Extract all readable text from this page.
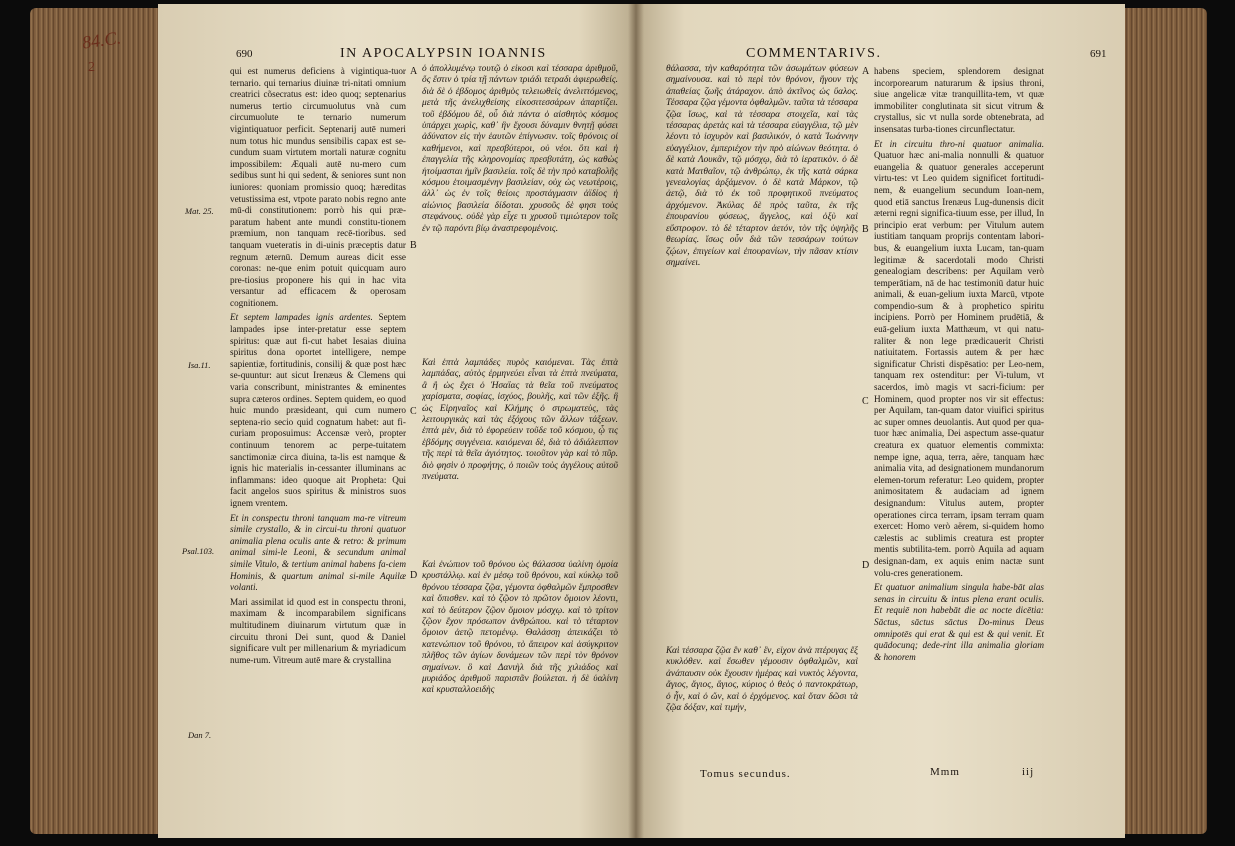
84.C.
2
690	IN APOCALYPSIN IOANNIS

qui est numerus deficiens à vigintiqua-tuor ternario. qui ternarius diuinæ tri-nitati omnium creatrici cõsecratus est: ideo quoq; septenarius numerus tertio circumuolutus vnà cum circumuolute te ternario numerum vigintiquatuor perficit. Septenarij autē numeri num totus hic mundus sensibilis capax est se-cundum suam virtutem mortali naturæ cognitu impossibilem: Æquali autē nu-mero cum sedibus sunt hi qui sedent, & seniores sunt non iuniores: quoniam promissio quoq; hæreditas vetustissima est, vtpote parato nobis regno ante mū-di constitutionem: porrò his qui præ-paratum habent ante mundi constitu-tionem præmium, non tanquam recē-tioribus. sed tanquam vueteratis in di-uinis præceptis datur regnum æternū. Demum aureas dicit esse coronas: ne-que enim potuit quicquam auro pre-tiosius proponere his qui in hac vita versantur ad efficacem & operosam cognitionem.

Et septem lampades ignis ardentes. Septem lampades ipse inter-pretatur esse septem spiritus: quæ aut fi-cut habet Iesaias diuina spiritus dona oportet intelligere, nempe sapientiæ, fortitudinis, consilij & quæ post hæc se-quuntur: aut sicut Irenæus & Clemens qui varia conscribunt, ministrantes & eminentes supra cæteros ordines. Septem quidem, eo quod huic mundo præsideant, qui cum numero septena-rio secio quid cognatum habet: aut fi-curiam proposuimus: Accensæ verò, propter continuum tenorem ac perpe-tuitatem sanctimoniæ circa diuina, ta-lis est namque & ignis hic materialis in-cessanter illuminans ac inflammans: ideo quoque ait Propheta: Qui facit angelos suos spiritus & ministros suos ignem vrentem.

Et in conspectu throni tanquam ma-re vitreum simile crystallo, & in circui-tu throni quatuor animalia plena oculis ante & retro: & primum animal simi-le Leoni, & secundum animal simile Vitulo, & tertium animal habens fa-ciem Hominis, & quartum animal si-mile Aquilæ volanti.

Mari assimilat id quod est in conspectu throni, maximam & incomparabilem significans multitudinem diuinarum virtutum quæ in circuitu throni Dei sunt, quod & Daniel significare vult per millenarium & myriadicum nume-rum. Vitreum autē mare & crystallina

Mat. 25.
Isa.11.
Psal.103.
Dan 7.
A
B
C
D
ὁ ἀπολλυμένῳ τουτῷ ὁ εἰκοσι καὶ τέσσαρα ἀριθμοῦ, ὅς ἔστιν ὁ τρία τῇ πάντων τριάδι τετραδι ἀφιερωθείς. διὰ δὲ ὁ ἑβδομος ἀριθμὸς τελειωθεὶς ἀνελιττόμενος, μετὰ τῆς ἀνελιχθείσης εἰκοσιτεσσάρων ἀπαρτίζει. τοῦ ἑβδόμου δὲ, οὗ διὰ πάντα ὁ αἰσθητὸς κόσμος ὑπάρχει χωρὶς, καθ᾽ ἣν ἔχουσι δύναμιν θνητῇ φύσει ἀδύνατον εἰς τὴν ἑαυτῶν ἐπίγνωσιν. τοῖς θρόνοις οἱ καθήμενοι, καὶ πρεσβύτεροι, οὐ νέοι. ὅτι καὶ ἡ ἐπαγγελία τῆς κληρονομίας πρεσβυτάτη, ὡς καθὼς ἡτοίμασται ἡμῖν βασιλεία. τοῖς δὲ τὴν πρὸ καταβολῆς κόσμου ἑτοιμασμένην βασιλείαν, οὐχ ὡς νεωτέροις, ἀλλ᾽ ὡς ἐν τοῖς θείοις προστάγμασιν ἀϊδίος ἡ αἰώνιος βασιλεία δίδοται. χρυσοῦς δὲ φησι τοὺς στεφάνους. οὐδὲ γὰρ εἶχε τι χρυσοῦ τιμιώτερον τοῖς ἐν τῷ παρόντι βίῳ ἀναστρεφομένοις.
Καὶ ἑπτὰ λαμπάδες πυρὸς καιόμεναι. Τὰς ἑπτὰ λαμπάδας, αὐτὸς ἑρμηνεύει εἶναι τὰ ἑπτὰ πνεύματα, ἃ ἢ ὡς ἔχει ὁ Ἡσαΐας τὰ θεῖα τοῦ πνεύματος χαρίσματα, σοφίας, ἰσχύος, βουλῆς, καὶ τῶν ἑξῆς. ἢ ὡς Εἰρηναῖος καὶ Κλήμης ὁ στρωματεὺς, τὰς λειτουργικὰς καὶ τὰς ἐξόχους τῶν ἄλλων τάξεων. ἑπτὰ μὲν, διὰ τὸ ἐφορεύειν τοῦδε τοῦ κόσμου, ᾧ τις ἑβδόμης συγγένεια. καιόμεναι δὲ, διὰ τὸ ἀδιάλειπτον τῆς περὶ τὰ θεῖα ἁγιότητος. τοιοῦτον γὰρ καὶ τὸ πῦρ. διὸ φησὶν ὁ προφήτης, ὁ ποιῶν τοὺς ἀγγέλους αὐτοῦ πνεύματα.
Καὶ ἐνώπιον τοῦ θρόνου ὡς θάλασσα ὑαλίνη ὁμοία κρυστάλλῳ. καὶ ἐν μέσῳ τοῦ θρόνου, καὶ κύκλῳ τοῦ θρόνου τέσσαρα ζῷα, γέμοντα ὀφθαλμῶν ἔμπροσθεν καὶ ὄπισθεν. καὶ τὸ ζῷον τὸ πρῶτον ὅμοιον λέοντι, καὶ τὸ δεύτερον ζῷον ὅμοιον μόσχῳ. καὶ τὸ τρίτον ζῷον ἔχον πρόσωπον ἀνθρώπου. καὶ τὸ τέταρτον ὅμοιον ἀετῷ πετομένῳ. Θαλάσσῃ ἀπεικάζει τὸ κατενώπιον τοῦ θρόνου, τὸ ἄπειρον καὶ ἀσύγκριτον πλῆθος τῶν ἁγίων δυνάμεων τῶν περὶ τὸν θρόνον σημαίνων. ὃ καὶ Δανιὴλ διὰ τῆς χιλιάδος καὶ μυριάδος ἀριθμοῦ παριστᾶν βούλεται. ἡ δὲ ὑαλίνη καὶ κρυσταλλοειδὴς
COMMENTARIVS.	691
θάλασσα, τὴν καθαρότητα τῶν ἀσωμάτων φύσεων σημαίνουσα. καὶ τὸ περὶ τὸν θρόνον, ἤγουν τὴς ἀπαθείας ζωῆς ἀτάραχον. ἀπὸ ἀκτῖνος ὡς ὕαλος. Τέσσαρα ζῷα γέμοντα ὀφθαλμῶν. ταῦτα τὰ τέσσαρα ζῷα ἴσως, καὶ τὰ τέσσαρα στοιχεῖα, καὶ τὰς τέσσαρας ἀρετὰς καὶ τὰ τέσσαρα εὐαγγέλια, τῷ μὲν λέοντι τὸ ἰσχυρὸν καὶ βασιλικόν, ὁ κατὰ Ἰωάννην εὐαγγέλιον, ἐμπεριέχον τὴν πρὸ αἰώνων θεότητα. ὁ δὲ κατὰ Λουκᾶν, τῷ μόσχῳ, διὰ τὸ ἱερατικὸν. ὁ δὲ κατὰ Ματθαῖον, τῷ ἀνθρώπῳ, ἐκ τῆς κατὰ σάρκα γενεαλογίας ἀρξάμενον. ὁ δὲ κατὰ Μάρκον, τῷ ἀετῷ, διὰ τὸ ἐκ τοῦ προφητικοῦ πνεύματος ἀρχόμενον. Ἀκύλας δὲ πρὸς ταῦτα, ἐκ τῆς ἐπουρανίου φύσεως, ἄγγελος, καὶ ὀξὺ καὶ εὔστροφον. τὸ δὲ τέταρτον ἀετόν, τὸν τῆς ὑψηλῆς θεωρίας. ἴσως οὖν διὰ τῶν τεσσάρων τούτων ζῴων, ἐπιγείων καὶ ἐπουρανίων, τὴν πᾶσαν κτίσιν σημαίνει.
Καὶ τέσσαρα ζῷα ἓν καθ᾽ ἓν, εἶχον ἀνὰ πτέρυγας ἕξ κυκλόθεν. καὶ ἔσωθεν γέμουσιν ὀφθαλμῶν, καὶ ἀνάπαυσιν οὐκ ἔχουσιν ἡμέρας καὶ νυκτὸς λέγοντα, ἅγιος, ἅγιος, ἅγιος, κύριος ὁ θεὸς ὁ παντοκράτωρ, ὁ ἦν, καὶ ὁ ὤν, καὶ ὁ ἐρχόμενος. καὶ ὅταν δῶσι τὰ ζῷα δόξαν, καὶ τιμήν,
Tomus secundus.
A
B
C
D

habens speciem, splendorem designat incorporearum naturarum & ipsius throni, siue angelicæ vitæ tranquillita-tem, vt quæ immobiliter conglutinata sit sicut vitrum & crystallus, sic vt nulla sorde obtenebrata, ad insensatas turba-tiones circunflectatur.

Et in circuitu thro-ni quatuor animalia. Quatuor hæc ani-malia nonnulli & quatuor euangelia & quatuor generales acceperunt virtu-tes: vt Leo quidem significet fortitudi-nem, & euangelium secundum Ioan-nem, quod etiā sanctus Irenæus Lug-dunensis dicit æterni regni significa-tiuum esse, per illud, In principio erat verbum: per Vitulum autem iustitiam tanquam proprijs contentam labori-bus, & euangelium iuxta Lucam, tan-quam legitimæ & sacerdotali modo Christi genealogiam describens: per Aquilam verò temperātiam, nā de hac testimoniū datur huic animali, & euan-gelium iuxta Marcū, vtpote compendio-sum & à prophetico spiritu incipiens. Porrò per Hominem prudētiā, & euā-gelium iuxta Matthæum, vt qui natu-raliter & non lege prædicauerit Christi natiuitatem. Fortassis autem & per hæc significatur Christi dispēsatio: per Leo-nem, tanquam rex ostenditur: per Vi-tulum, vt sacerdos, imò magis vt sacri-ficium: per Hominem, quod propter nos vir sit effectus: per Aquilam, tan-quam dator viuifici spiritus ac super omnes deuolantis. Aut quod per qua-tuor hæc animalia, Dei aspectum asse-quatur creatura ex quatuor elementis commixta: nempe igne, aqua, terra, aëre, tanquam hæc animalia vita, ad designationem mundanorum elemen-torum referatur: Leo quidem, propter animositatem & audaciam ad ignem designandum: Vitulus autem, propter operationes circa terram, ipsam terram quam exercet: Homo verò aërem, si-quidem homo cælestis ac sublimis creatura est propter mentis subtilita-tem. porrò Aquila ad aquam designan-dam, ex aquis enim nactæ sunt volu-cres generationem.

Et quatuor animalium singula habe-bāt alas senas in circuitu & intus plena erant oculis. Et requiē non habebāt die ac nocte dicētia: Sāctus, sāctus sāctus Do-minus Deus omnipotēs qui erat & qui est & qui venit. Et quādocunq; dede-rint illa animalia gloriam & honorem

Mmm	iij
